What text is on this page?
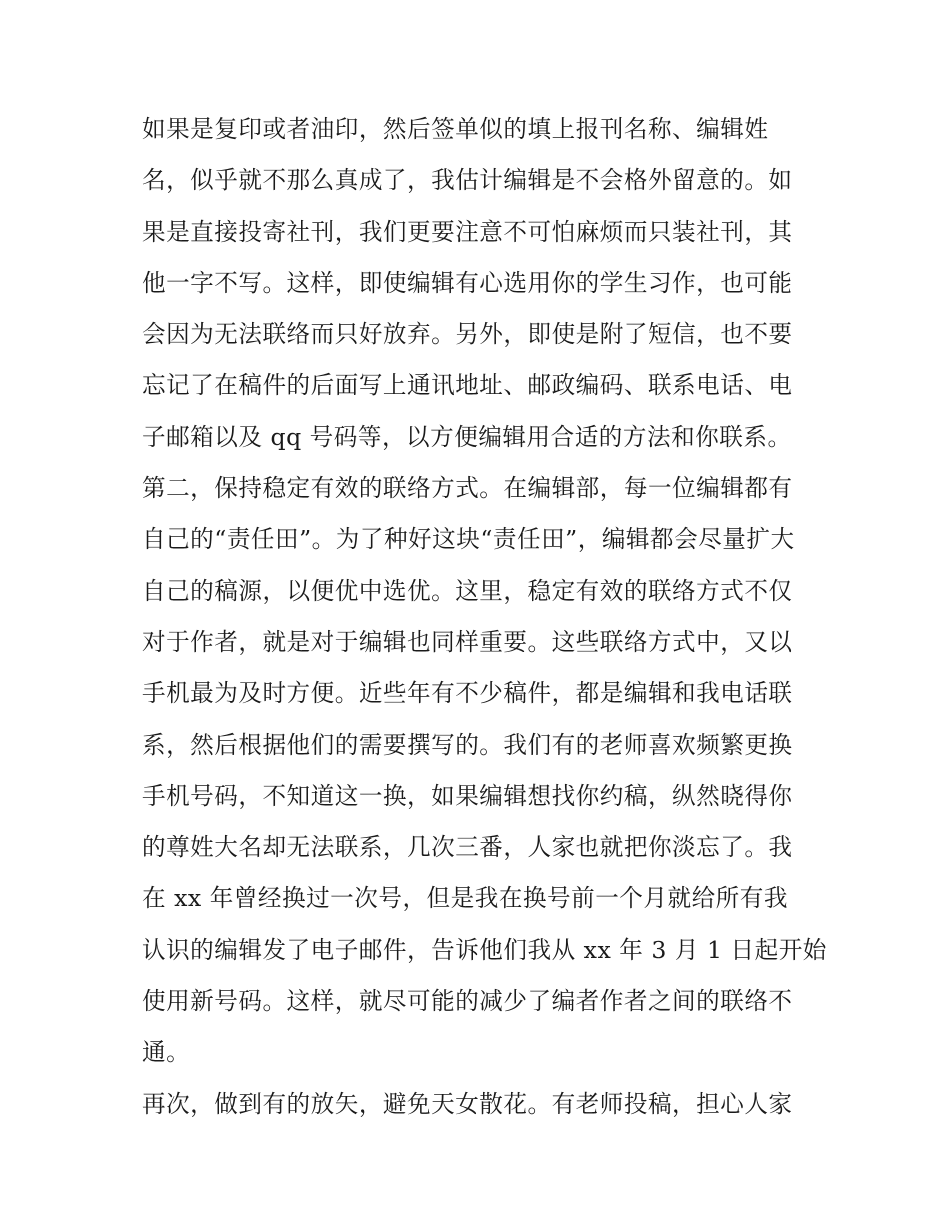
如果是复印或者油印，然后签单似的填上报刊名称、编辑姓
名，似乎就不那么真成了，我估计编辑是不会格外留意的。如
果是直接投寄社刊，我们更要注意不可怕麻烦而只装社刊，其
他一字不写。这样，即使编辑有心选用你的学生习作，也可能
会因为无法联络而只好放弃。另外，即使是附了短信，也不要
忘记了在稿件的后面写上通讯地址、邮政编码、联系电话、电
子邮箱以及 qq 号码等，以方便编辑用合适的方法和你联系。
第二，保持稳定有效的联络方式。在编辑部，每一位编辑都有
自己的“责任田”。为了种好这块“责任田”，编辑都会尽量扩大
自己的稿源，以便优中选优。这里，稳定有效的联络方式不仅
对于作者，就是对于编辑也同样重要。这些联络方式中，又以
手机最为及时方便。近些年有不少稿件，都是编辑和我电话联
系，然后根据他们的需要撰写的。我们有的老师喜欢频繁更换
手机号码，不知道这一换，如果编辑想找你约稿，纵然晓得你
的尊姓大名却无法联系，几次三番，人家也就把你淡忘了。我
在 xx 年曾经换过一次号，但是我在换号前一个月就给所有我
认识的编辑发了电子邮件，告诉他们我从 xx 年 3 月 1 日起开始
使用新号码。这样，就尽可能的减少了编者作者之间的联络不
通。
再次，做到有的放矢，避免天女散花。有老师投稿，担心人家
